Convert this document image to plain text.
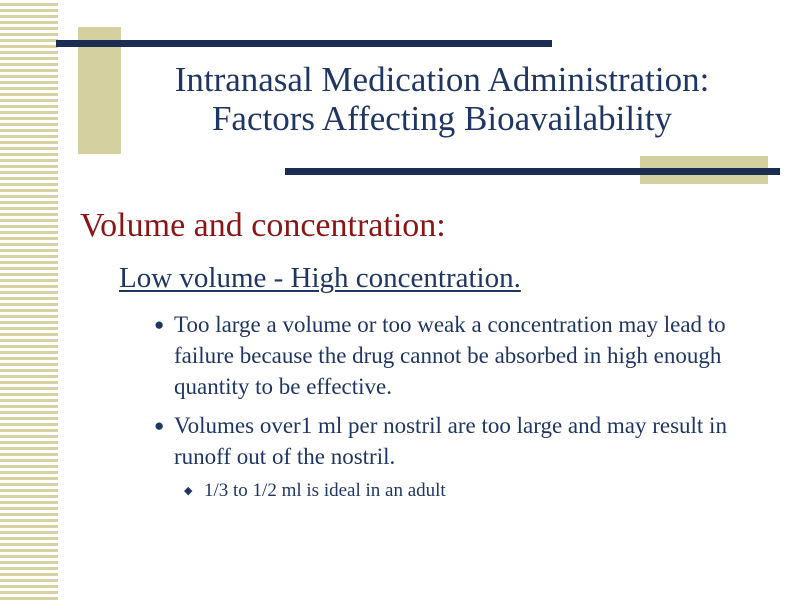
Intranasal Medication Administration:
Factors Affecting Bioavailability

Volume and concentration:

Low volume - High concentration.

● Too large a volume or too weak a concentration may lead to failure because the drug cannot be absorbed in high enough quantity to be effective.
● Volumes over1 ml per nostril are too large and may result in runoff out of the nostril.
◆ 1/3 to 1/2 ml is ideal in an adult
